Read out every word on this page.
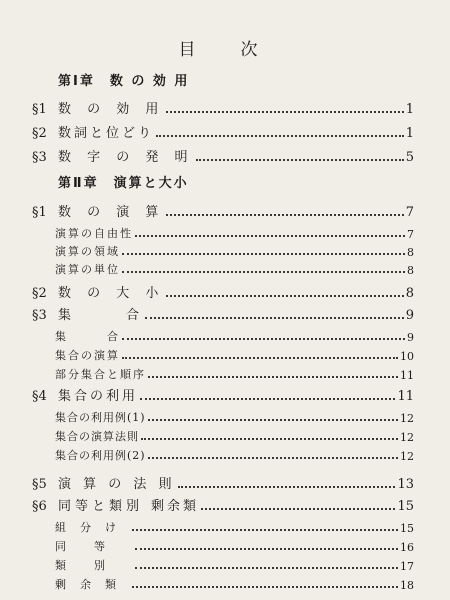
目　次
第Ⅰ章　数 の 効 用
§1 数 の 効 用	1
§2 数詞と位どり	1
§3 数 字 の 発 明	5
第Ⅱ章　演算と大小
§1 数 の 演 算	7
演算の自由性	7
演算の領域	8
演算の単位	8
§2 数 の 大 小	8
§3 集　　　合	9
集　　　合	9
集合の演算	10
部分集合と順序	11
§4 集合の利用	11
集合の利用例(1)	12
集合の演算法則	12
集合の利用例(2)	12
§5 演 算 の 法 則	13
§6 同等と類別 剰余類	15
組分け	15
同等	16
類別	17
剰余類	18
